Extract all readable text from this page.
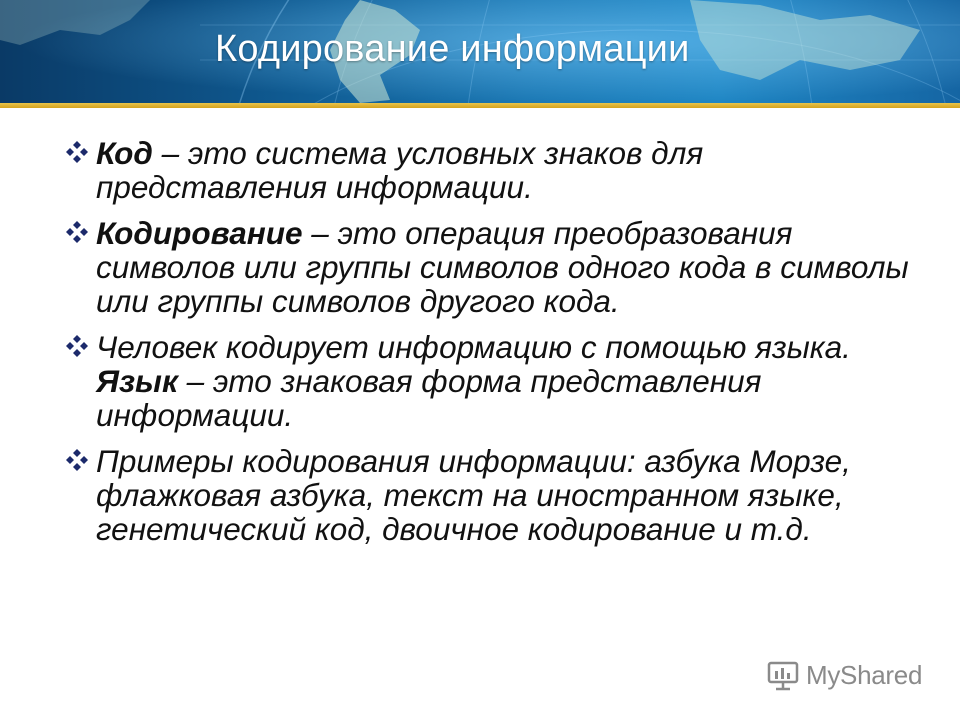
Кодирование информации
Код – это система условных знаков для представления информации.
Кодирование – это операция преобразования символов или группы символов одного кода в символы или группы символов другого кода.
Человек кодирует информацию с помощью языка. Язык – это знаковая форма представления информации.
Примеры кодирования информации: азбука Морзе, флажковая азбука, текст на иностранном языке, генетический код, двоичное кодирование и т.д.
MyShared
